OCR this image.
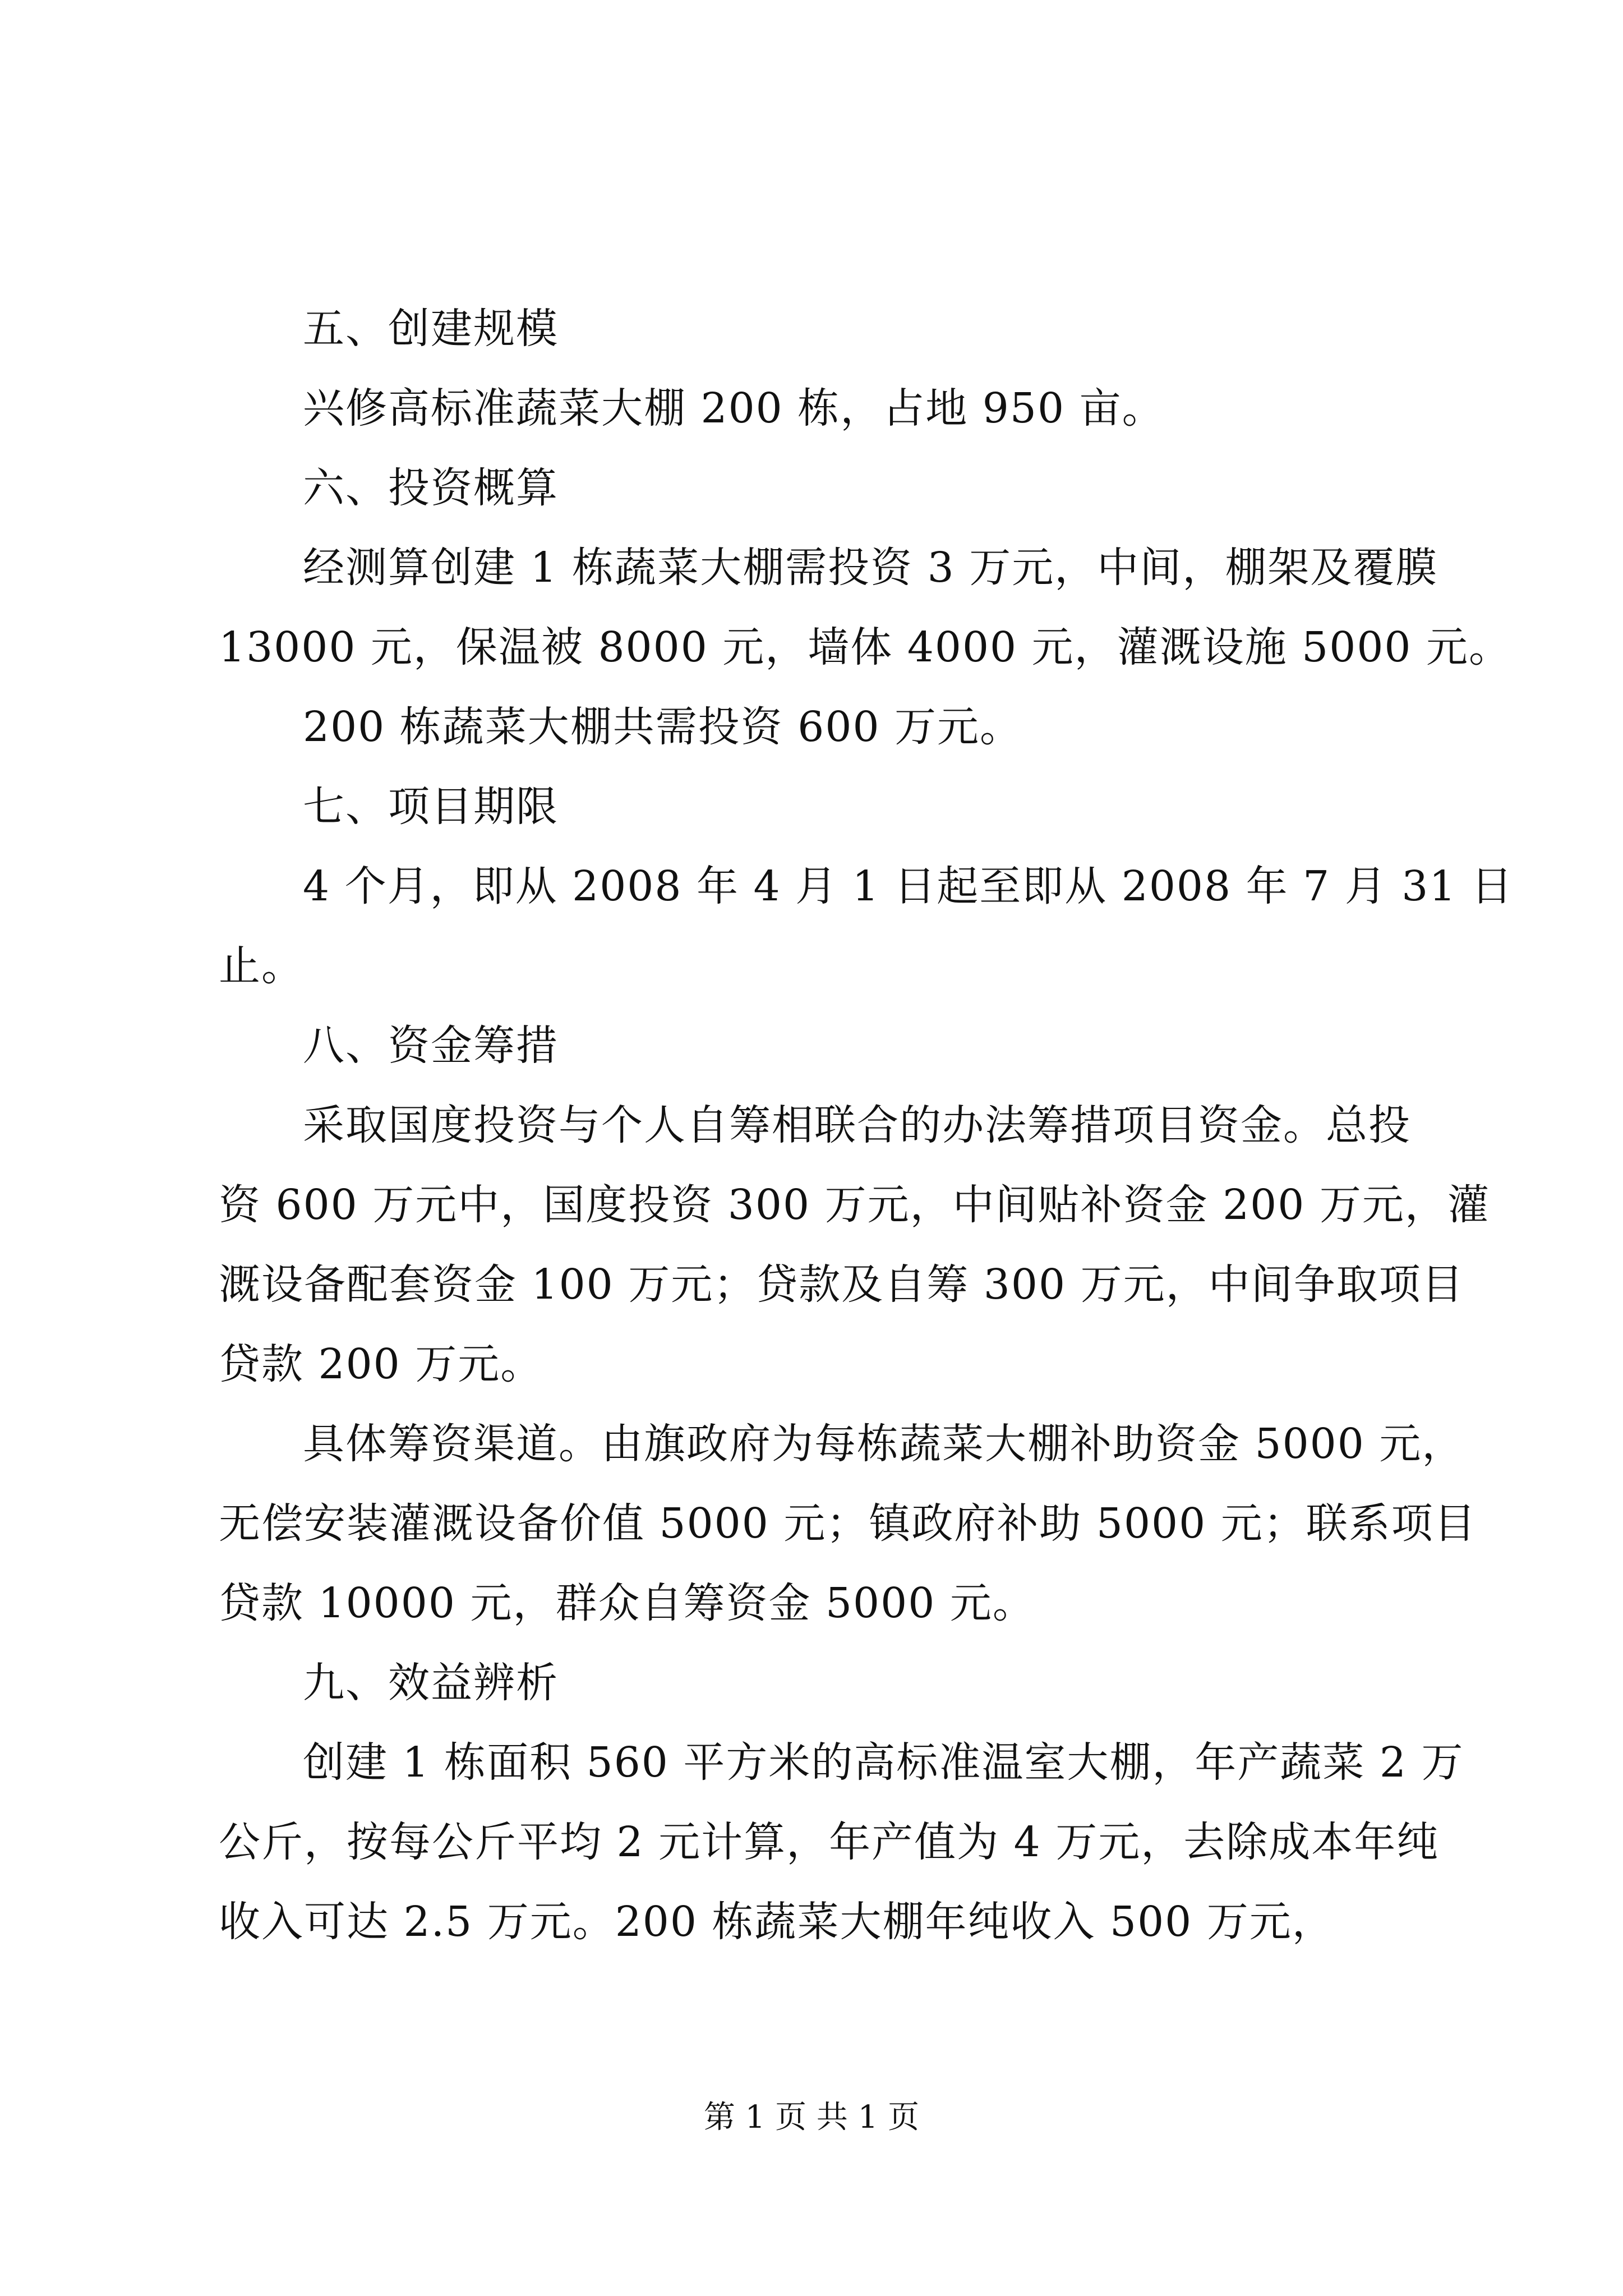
五、创建规模
兴修高标准蔬菜大棚 200 栋，占地 950 亩。
六、投资概算
经测算创建 1 栋蔬菜大棚需投资 3 万元，中间，棚架及覆膜
13000 元，保温被 8000 元，墙体 4000 元，灌溉设施 5000 元。
200 栋蔬菜大棚共需投资 600 万元。
七、项目期限
4 个月，即从 2008 年 4 月 1 日起至即从 2008 年 7 月 31 日
止。
八、资金筹措
采取国度投资与个人自筹相联合的办法筹措项目资金。总投
资 600 万元中，国度投资 300 万元，中间贴补资金 200 万元，灌
溉设备配套资金 100 万元；贷款及自筹 300 万元，中间争取项目
贷款 200 万元。
具体筹资渠道。由旗政府为每栋蔬菜大棚补助资金 5000 元，
无偿安装灌溉设备价值 5000 元；镇政府补助 5000 元；联系项目
贷款 10000 元，群众自筹资金 5000 元。
九、效益辨析
创建 1 栋面积 560 平方米的高标准温室大棚，年产蔬菜 2 万
公斤，按每公斤平均 2 元计算，年产值为 4 万元，去除成本年纯
收入可达 2.5 万元。200 栋蔬菜大棚年纯收入 500 万元，
第 1 页 共 1 页
